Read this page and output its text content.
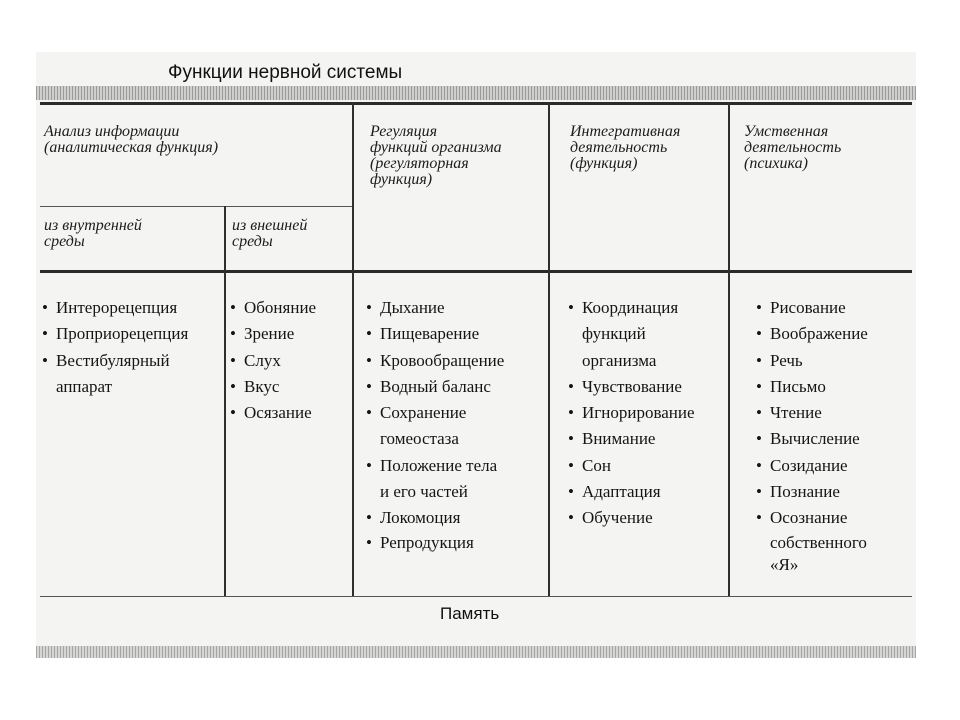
Функции нервной системы
Анализ информации
(аналитическая функция)
из внутренней
среды
из внешней
среды
Регуляция
функций организма
(регуляторная
функция)
Интегративная
деятельность
(функция)
Умственная
деятельность
(психика)
• Интерорецепция
• Проприорецепция
• Вестибулярный
аппарат
• Обоняние
• Зрение
• Слух
• Вкус
• Осязание
• Дыхание
• Пищеварение
• Кровообращение
• Водный баланс
• Сохранение
гомеостаза
• Положение тела
и его частей
• Локомоция
• Репродукция
• Координация
функций
организма
• Чувствование
• Игнорирование
• Внимание
• Сон
• Адаптация
• Обучение
• Рисование
• Воображение
• Речь
• Письмо
• Чтение
• Вычисление
• Созидание
• Познание
• Осознание
собственного
«Я»
Память
